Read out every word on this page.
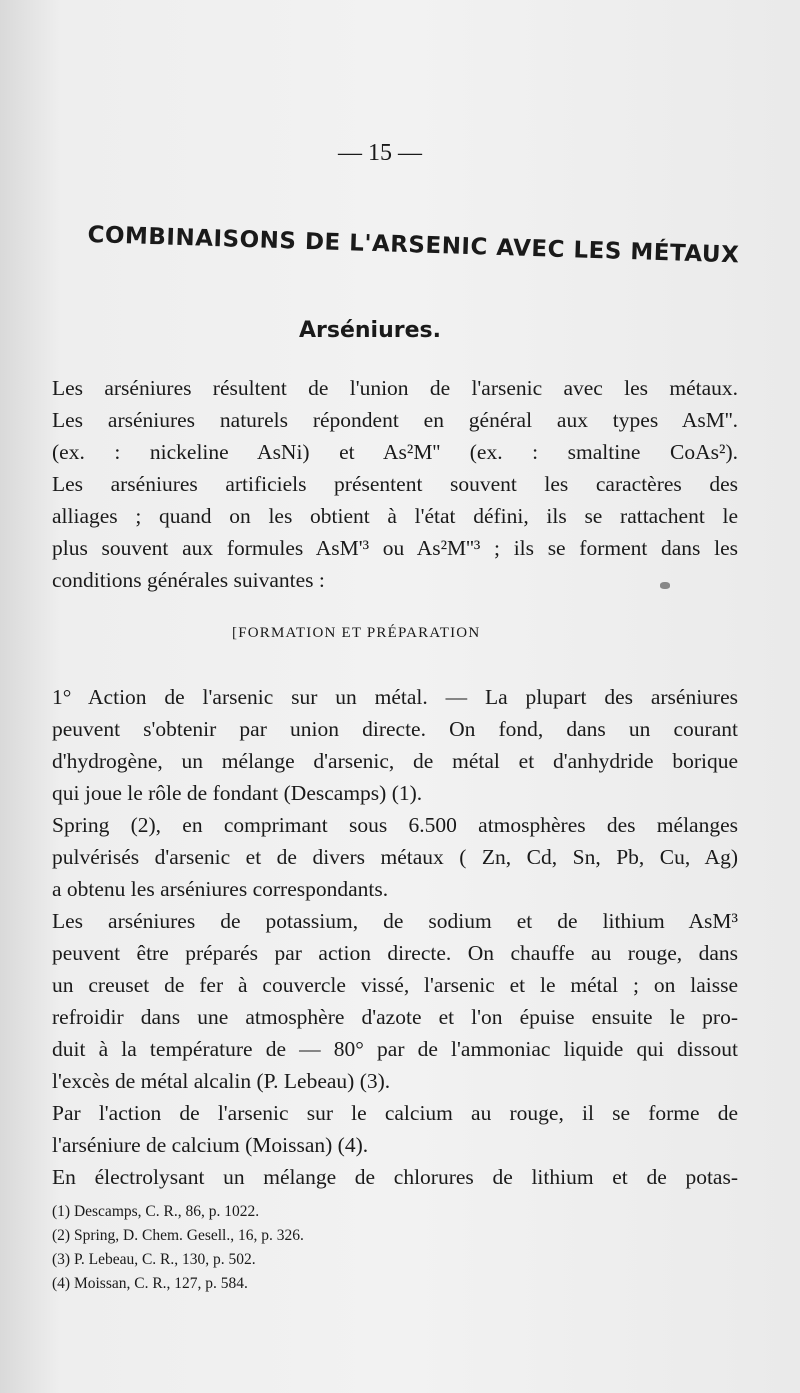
— 15 —
COMBINAISONS DE L'ARSENIC AVEC LES MÉTAUX
Arséniures.
Les arséniures résultent de l'union de l'arsenic avec les métaux.
Les arséniures naturels répondent en général aux types AsM''.
(ex. : nickeline AsNi) et As²M'' (ex. : smaltine CoAs²).
Les arséniures artificiels présentent souvent les caractères des
alliages ; quand on les obtient à l'état défini, ils se rattachent le
plus souvent aux formules AsM'³ ou As²M''³ ; ils se forment dans les
conditions générales suivantes :
[FORMATION ET PRÉPARATION
1° Action de l'arsenic sur un métal. — La plupart des arséniures
peuvent s'obtenir par union directe. On fond, dans un courant
d'hydrogène, un mélange d'arsenic, de métal et d'anhydride borique
qui joue le rôle de fondant (Descamps) (1).
Spring (2), en comprimant sous 6.500 atmosphères des mélanges
pulvérisés d'arsenic et de divers métaux ( Zn, Cd, Sn, Pb, Cu, Ag)
a obtenu les arséniures correspondants.
Les arséniures de potassium, de sodium et de lithium AsM³
peuvent être préparés par action directe. On chauffe au rouge, dans
un creuset de fer à couvercle vissé, l'arsenic et le métal ; on laisse
refroidir dans une atmosphère d'azote et l'on épuise ensuite le pro-
duit à la température de — 80° par de l'ammoniac liquide qui dissout
l'excès de métal alcalin (P. Lebeau) (3).
Par l'action de l'arsenic sur le calcium au rouge, il se forme de
l'arséniure de calcium (Moissan) (4).
En électrolysant un mélange de chlorures de lithium et de potas-
(1) Descamps, C. R., 86, p. 1022.
(2) Spring, D. Chem. Gesell., 16, p. 326.
(3) P. Lebeau, C. R., 130, p. 502.
(4) Moissan, C. R., 127, p. 584.
